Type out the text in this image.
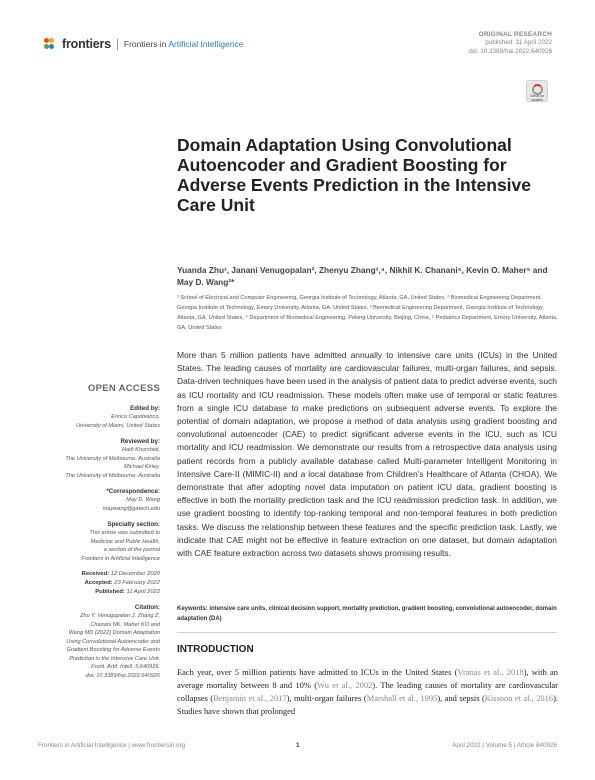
frontiers Frontiers in Artificial Intelligence
ORIGINAL RESEARCH
published: 11 April 2022
doi: 10.3389/frai.2022.640926
Check for updates
Domain Adaptation Using Convolutional Autoencoder and Gradient Boosting for Adverse Events Prediction in the Intensive Care Unit
Yuanda Zhu¹, Janani Venugopalan², Zhenyu Zhang³,⁴, Nikhil K. Chanani⁵, Kevin O. Maher⁵ and May D. Wang²*
¹ School of Electrical and Computer Engineering, Georgia Institute of Technology, Atlanta, GA, United States, ² Biomedical Engineering Department, Georgia Institute of Technology, Emory University, Atlanta, GA, United States, ³ Biomedical Engineering Department, Georgia Institute of Technology, Atlanta, GA, United States, ⁴ Department of Biomedical Engineering, Peking University, Beijing, China, ⁵ Pediatrics Department, Emory University, Atlanta, GA, United States
More than 5 million patients have admitted annually to intensive care units (ICUs) in the United States. The leading causes of mortality are cardiovascular failures, multi-organ failures, and sepsis. Data-driven techniques have been used in the analysis of patient data to predict adverse events, such as ICU mortality and ICU readmission. These models often make use of temporal or static features from a single ICU database to make predictions on subsequent adverse events. To explore the potential of domain adaptation, we propose a method of data analysis using gradient boosting and convolutional autoencoder (CAE) to predict significant adverse events in the ICU, such as ICU mortality and ICU readmission. We demonstrate our results from a retrospective data analysis using patient records from a publicly available database called Multi-parameter Intelligent Monitoring in Intensive Care-II (MIMIC-II) and a local database from Children's Healthcare of Atlanta (CHOA). We demonstrate that after adopting novel data imputation on patient ICU data, gradient boosting is effective in both the mortality prediction task and the ICU readmission prediction task. In addition, we use gradient boosting to identify top-ranking temporal and non-temporal features in both prediction tasks. We discuss the relationship between these features and the specific prediction task. Lastly, we indicate that CAE might not be effective in feature extraction on one dataset, but domain adaptation with CAE feature extraction across two datasets shows promising results.
Keywords: intensive care units, clinical decision support, mortality prediction, gradient boosting, convolutional autoencoder, domain adaptation (DA)
INTRODUCTION
Each year, over 5 million patients have admitted to ICUs in the United States (Vranas et al., 2018), with an average mortality between 8 and 10% (Wu et al., 2002). The leading causes of mortality are cardiovascular collapses (Benjamin et al., 2017), multi-organ failures (Marshall et al., 1995), and sepsis (Kissoon et al., 2016). Studies have shown that prolonged
OPEN ACCESS
Edited by:
Enrico Capobianco,
University of Miami, United States
Reviewed by:
Hadi Khorshidi,
The University of Melbourne, Australia
Michael Kirley,
The University of Melbourne, Australia
*Correspondence:
May D. Wang
maywang@gatech.edu
Specialty section:
This article was submitted to
Medicine and Public Health,
a section of the journal
Frontiers in Artificial Intelligence
Received: 12 December 2020
Accepted: 23 February 2022
Published: 11 April 2022
Citation:
Zhu Y, Venugopalan J, Zhang Z,
Chanani NK, Maher KO and
Wang MD (2022) Domain Adaptation
Using Convolutional Autoencoder and
Gradient Boosting for Adverse Events
Prediction in the Intensive Care Unit.
Front. Artif. Intell. 5:640926.
doi: 10.3389/frai.2022.640926
Frontiers in Artificial Intelligence | www.frontiersin.org	1	April 2022 | Volume 5 | Article 640926
